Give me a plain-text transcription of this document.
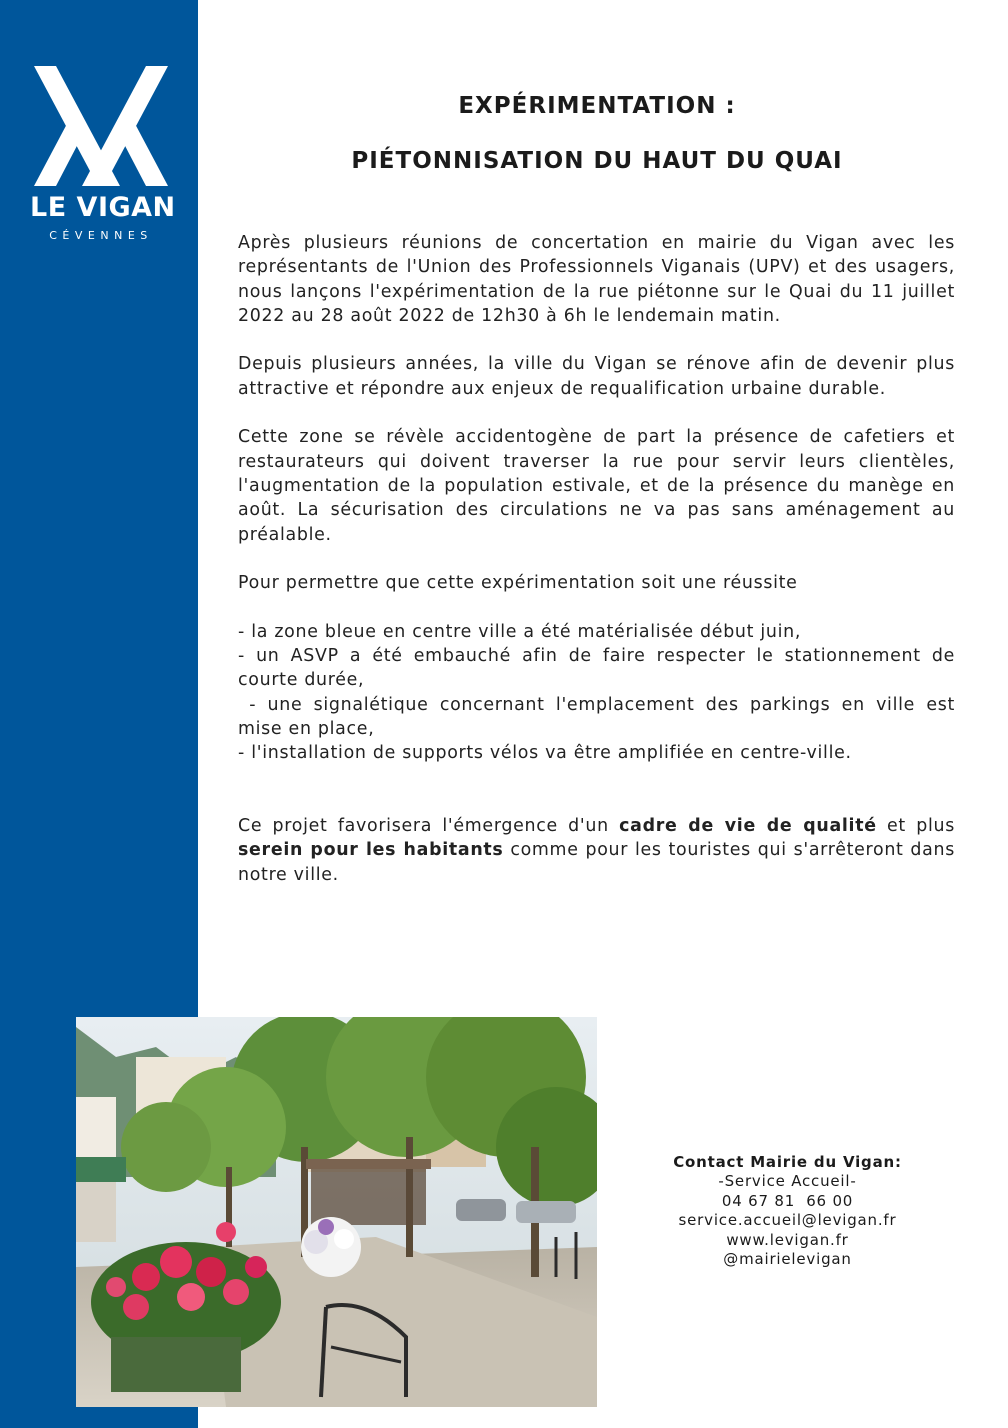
LE VIGAN
CÉVENNES
EXPÉRIMENTATION :
PIÉTONNISATION DU HAUT DU QUAI

Après plusieurs réunions de concertation en mairie du Vigan avec les représentants de l'Union des Professionnels Viganais (UPV) et des usagers, nous lançons l'expérimentation de la rue piétonne sur le Quai du 11 juillet 2022 au 28 août 2022 de 12h30 à 6h le lendemain matin.

Depuis plusieurs années, la ville du Vigan se rénove afin de devenir plus attractive et répondre aux enjeux de requalification urbaine durable.

Cette zone se révèle accidentogène de part la présence de cafetiers et restaurateurs qui doivent traverser la rue pour servir leurs clientèles, l'augmentation de la population estivale, et de la présence du manège en août. La sécurisation des circulations ne va pas sans aménagement au préalable.

Pour permettre que cette expérimentation soit une réussite

- la zone bleue en centre ville a été matérialisée début juin,
- un ASVP a été embauché afin de faire respecter le stationnement de courte durée,
- une signalétique concernant l'emplacement des parkings en ville est mise en place,
- l'installation de supports vélos va être amplifiée en centre-ville.

Ce projet favorisera l'émergence d'un cadre de vie de qualité et plus serein pour les habitants comme pour les touristes qui s'arrêteront dans notre ville.

Contact Mairie du Vigan:
-Service Accueil-
04 67 81  66 00
service.accueil@levigan.fr
www.levigan.fr
@mairielevigan
